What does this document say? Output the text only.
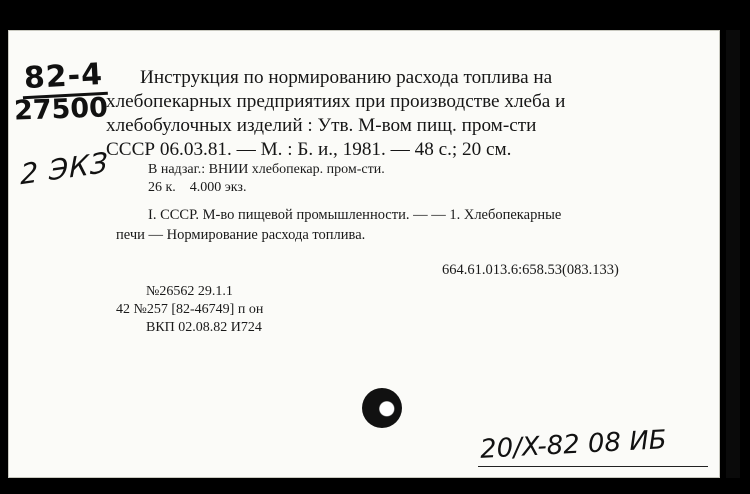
82-4
27500
2 ЭКЗ
Инструкция по нормированию расхода топлива на
хлебопекарных предприятиях при производстве хлеба и
хлебобулочных изделий : Утв. М-вом пищ. пром-сти
СССР 06.03.81. — М. : Б. и., 1981. — 48 с.; 20 см.
В надзаг.: ВНИИ хлебопекар. пром-сти.
26 к.    4.000 экз.
I. СССР. М-во пищевой промышленности. — — 1. Хлебопекарные
печи — Нормирование расхода топлива.
664.61.013.6:658.53(083.133)
№26562 29.1.1
42 №257 [82-46749] п он
ВКП 02.08.82 И724
20/X-82 08 ИБ
